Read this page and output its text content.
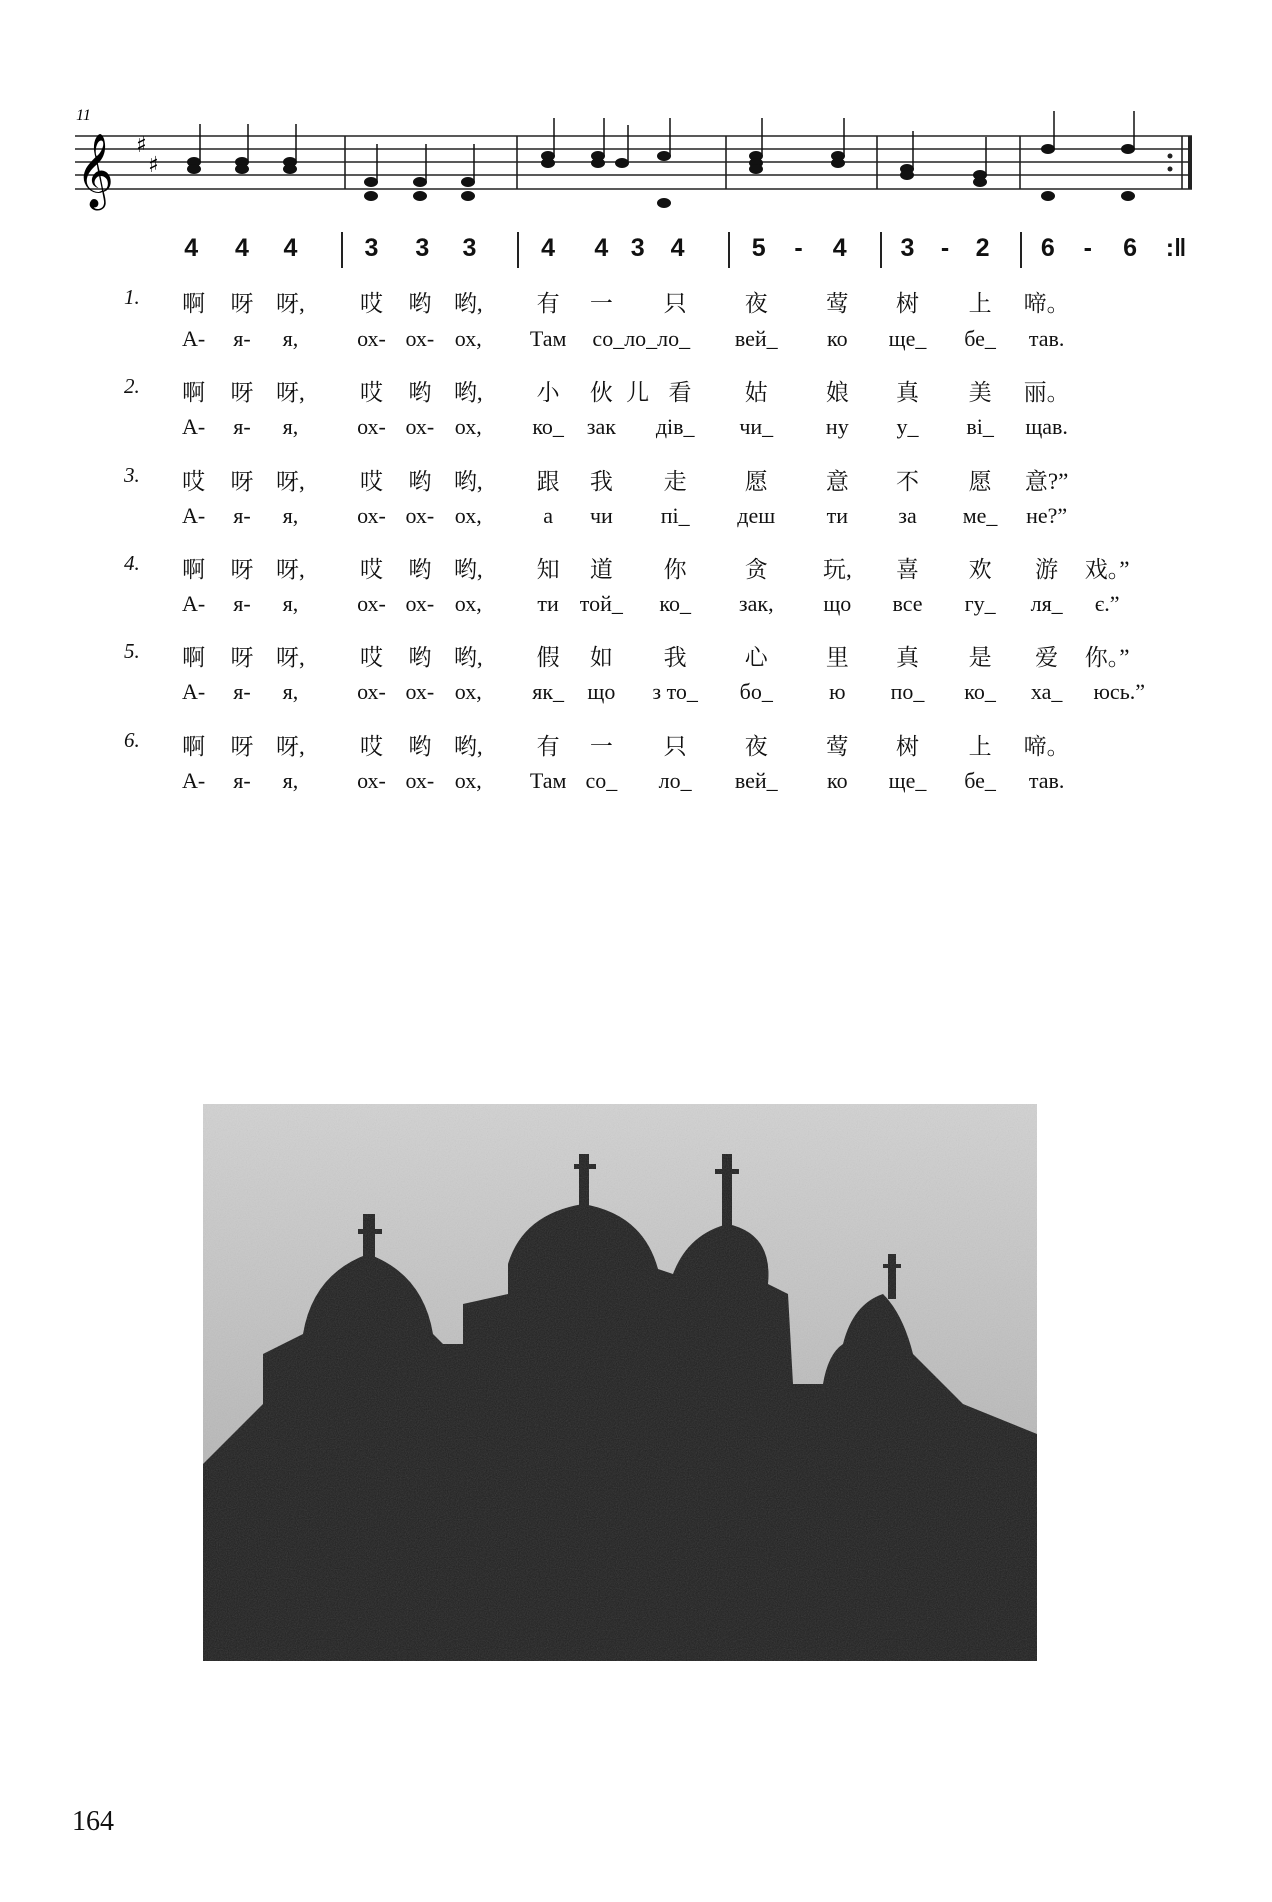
11
𝄞 ♯
♯
4 4 4	3 3 3	4 4 3 4	5 - 4 3 - 2 6 - 6 :‖
1. 啊 呀 呀, 哎 哟 哟, 有 一 只	夜	莺 树 上 啼。
А- я- я,	ох- ох- ох, Там со_ло_ло_ вей_ ко ще_ бе_ тав.
2. 啊 呀 呀, 哎 哟 哟, 小 伙 儿 看 姑	娘 真 美 丽。
А- я- я,	ох- ох- ох, ко_ зак дiв_ чи_ ну у_ вi_ щав.
3. 哎 呀 呀, 哎 哟 哟, 跟 我 走	愿	意 不 愿 意?”
А- я- я,	ох- ох- ох,	а чи пi_ деш ти за ме_ не?”
4. 啊 呀 呀, 哎 哟 哟, 知 道 你	贪 玩, 喜 欢 游 戏。”
А- я- я,	ох- ох- ох,	ти той_ ко_ зак, що все гу_ ля_ є.”
5. 啊 呀 呀, 哎 哟 哟, 假 如 我	心	里 真 是 爱 你。”
А- я- я,	ох- ох- ох, як_ що з то_ бо_	ю по_ ко_ ха_ юсь.”
6. 啊 呀 呀, 哎 哟 哟, 有 一 只	夜	莺 树 上 啼。
А- я- я,	ох- ох- ох, Там со_ ло_ вей_ ко ще_ бе_ тав.
164
